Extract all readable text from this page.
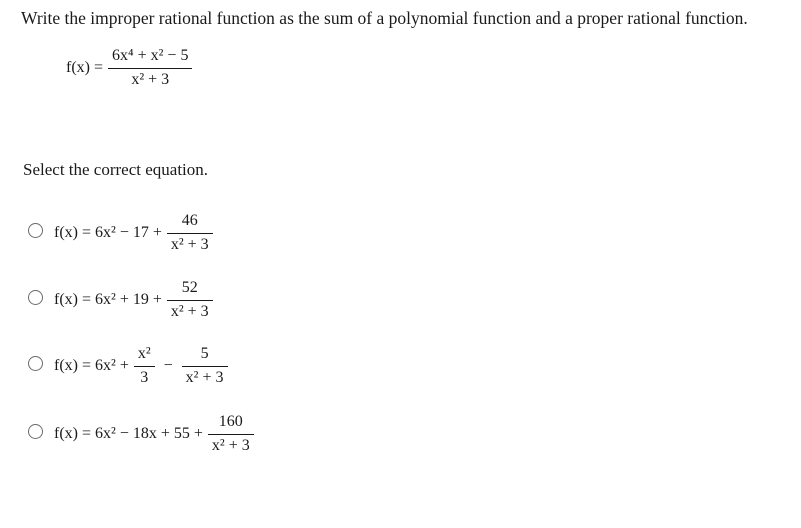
Write the improper rational function as the sum of a polynomial function and a proper rational function.
$f(x) = \frac{\text{6x⁴ + x² − 5}}{\text{x² + 3}}$
Select the correct equation.
$f(x) = 6x^2 - 17 + \frac{46}{\text{x² + 3}}$
$f(x) = 6x^2 + 19 + \frac{52}{\text{x² + 3}}$
$f(x) = 6x^2 + \frac{\text{x²}}{3} - \frac{5}{\text{x² + 3}}$
$f(x) = 6x^2 - 18x + 55 + \frac{160}{\text{x² + 3}}$
